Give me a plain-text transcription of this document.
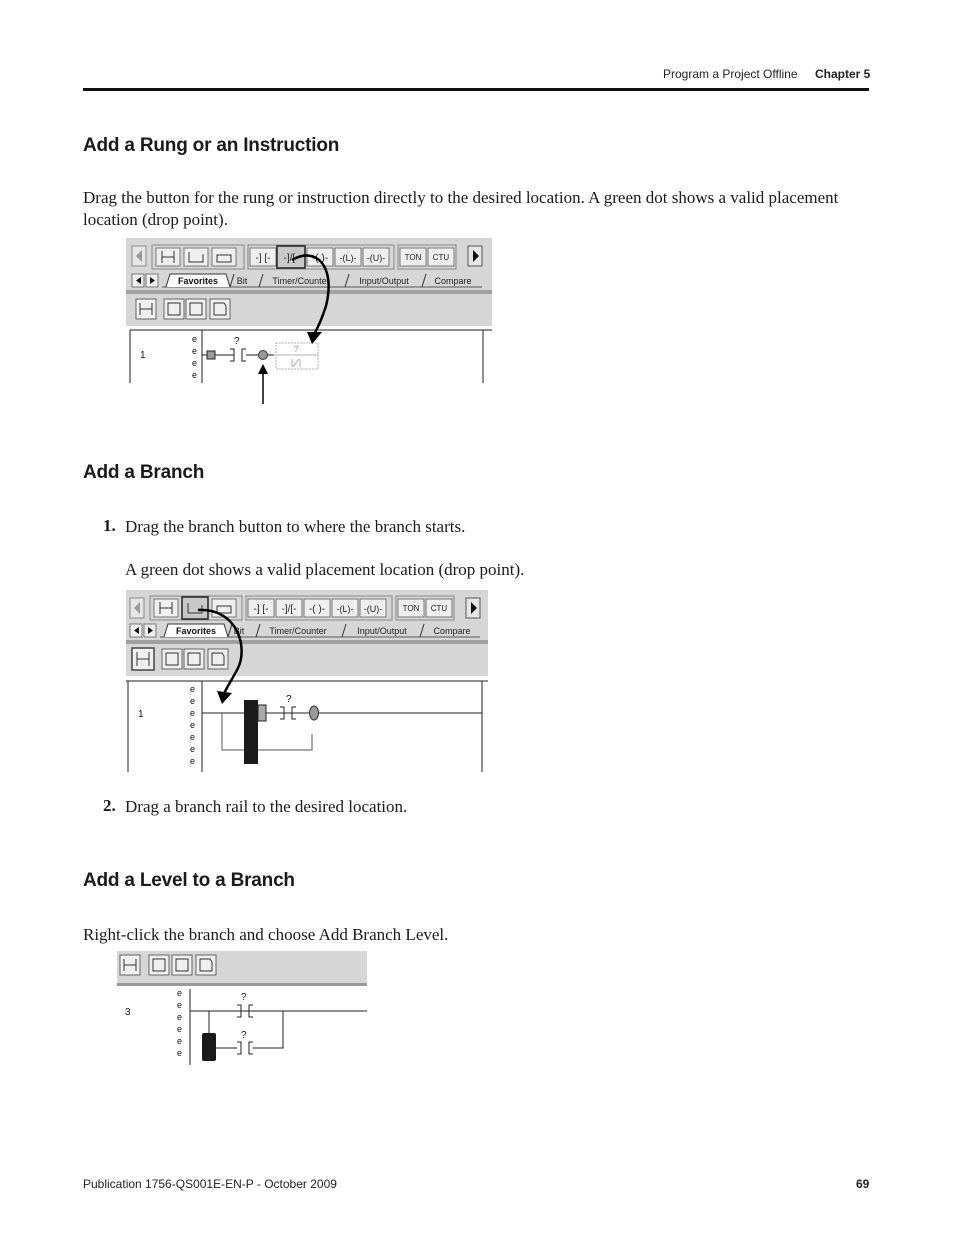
Program a Project Offline Chapter 5
Add a Rung or an Instruction
Drag the button for the rung or instruction directly to the desired location. A green dot shows a valid placement location (drop point).
-] [- -]/[- -( )- -(L)- -(U)- TON CTU
Favorites Bit	Timer/Counter	Input/Output	Compare
1
e
e
e
e
?
?
Add a Branch
1. Drag the branch button to where the branch starts.
A green dot shows a valid placement location (drop point).
-] [- -]/[- -( )- -(L)- -(U)-	TON CTU
Favorites Bit	Timer/Counter	Input/Output	Compare
1
e
e
e
e
e
e
e
?
2. Drag a branch rail to the desired location.
Add a Level to a Branch
Right-click the branch and choose Add Branch Level.
3
e
e
e
e
e
e
?
?
Publication 1756-QS001E-EN-P - October 2009	69
